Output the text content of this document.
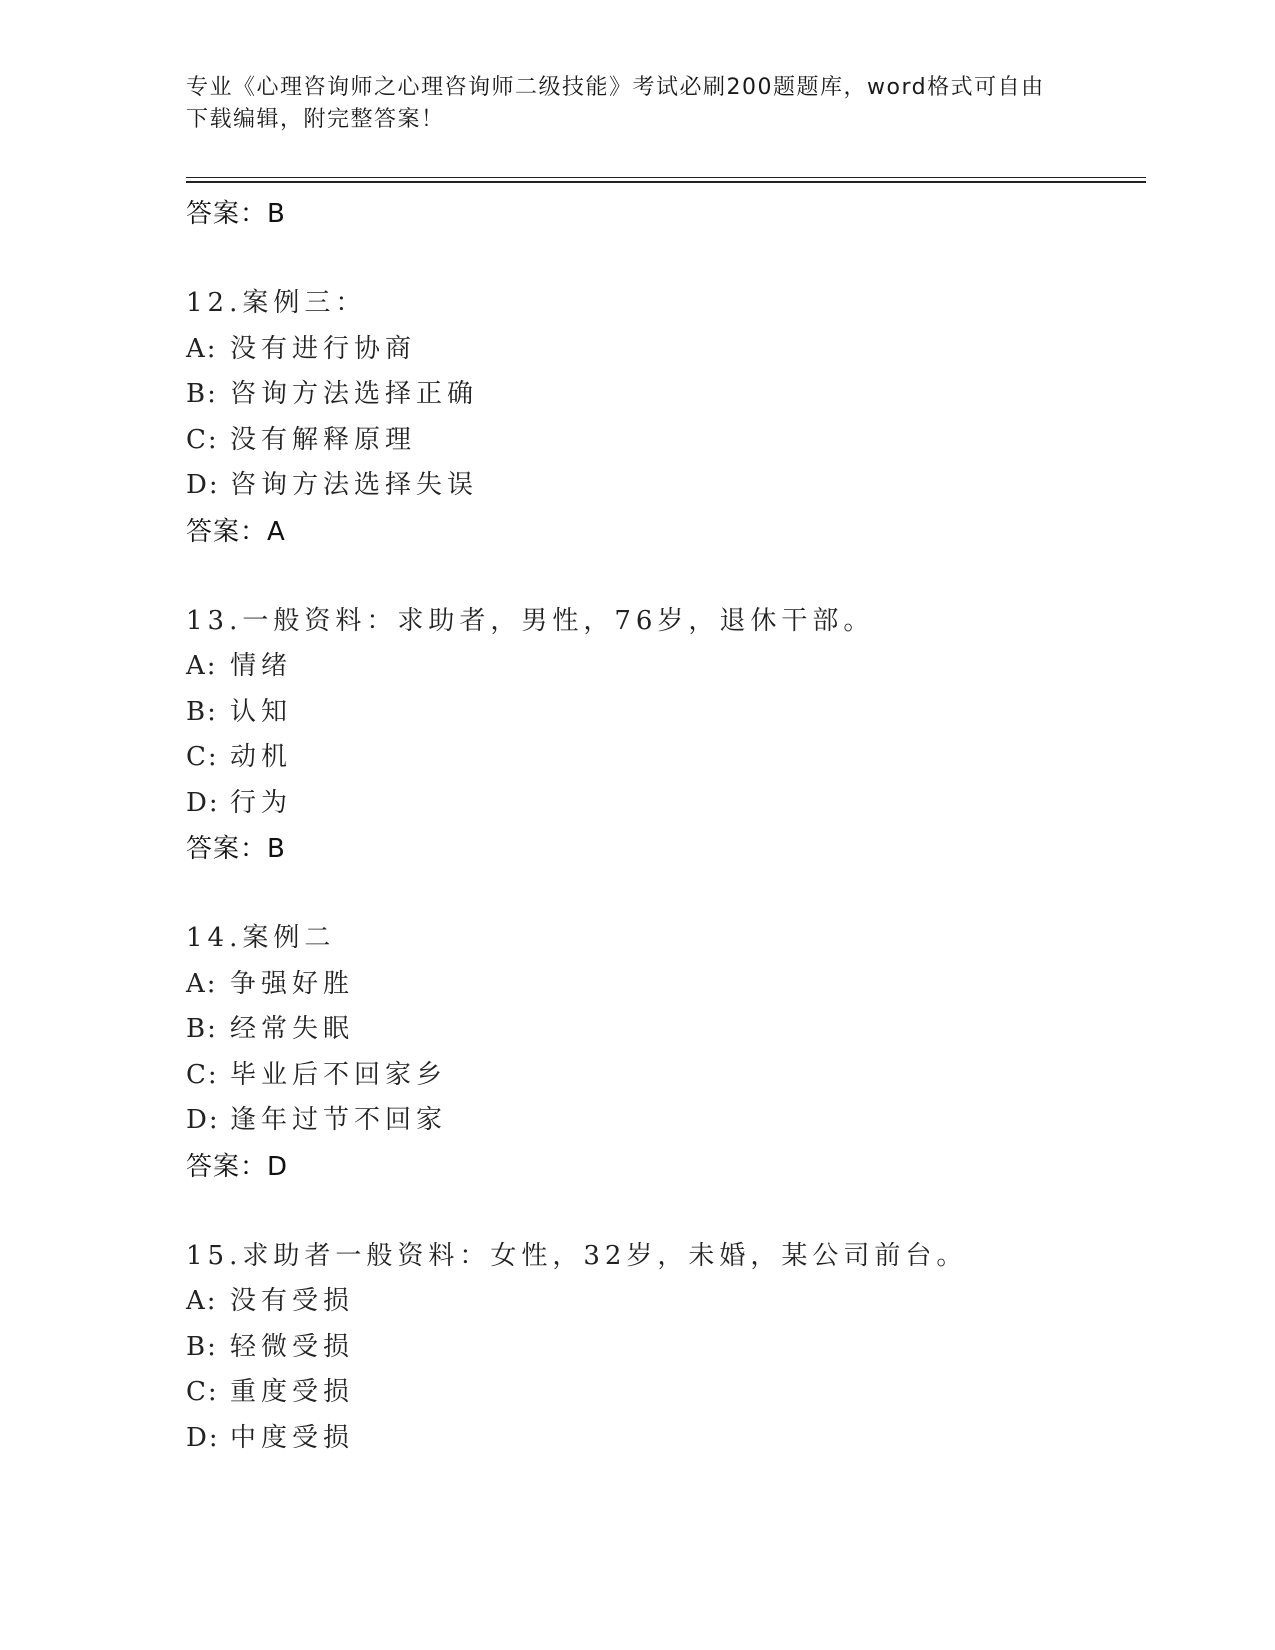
专业《心理咨询师之心理咨询师二级技能》考试必刷200题题库，word格式可自由下载编辑，附完整答案！
答案：B
12.案例三：
A: 没有进行协商
B: 咨询方法选择正确
C: 没有解释原理
D: 咨询方法选择失误
答案：A
13.一般资料：求助者，男性，76岁，退休干部。
A: 情绪
B: 认知
C: 动机
D: 行为
答案：B
14.案例二
A: 争强好胜
B: 经常失眠
C: 毕业后不回家乡
D: 逢年过节不回家
答案：D
15.求助者一般资料：女性，32岁，未婚，某公司前台。
A: 没有受损
B: 轻微受损
C: 重度受损
D: 中度受损
